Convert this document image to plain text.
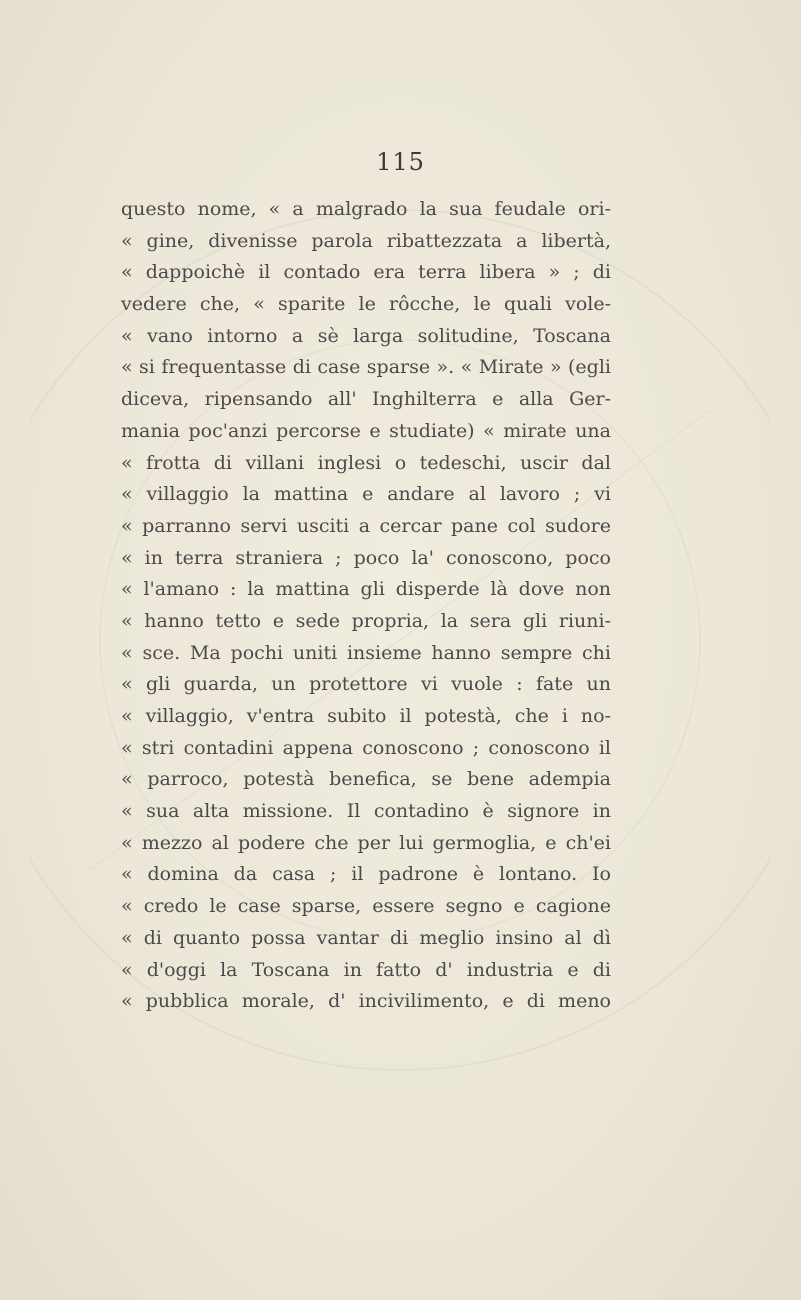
115
questo nome, « a malgrado la sua feudale ori-
« gine, divenisse parola ribattezzata a libertà,
« dappoichè il contado era terra libera » ; di
vedere che, « sparite le rôcche, le quali vole-
« vano intorno a sè larga solitudine, Toscana
« si frequentasse di case sparse ». « Mirate » (egli
diceva, ripensando all' Inghilterra e alla Ger-
mania poc'anzi percorse e studiate) « mirate una
« frotta di villani inglesi o tedeschi, uscir dal
« villaggio la mattina e andare al lavoro ; vi
« parranno servi usciti a cercar pane col sudore
« in terra straniera ; poco la' conoscono, poco
« l'amano : la mattina gli disperde là dove non
« hanno tetto e sede propria, la sera gli riuni-
« sce. Ma pochi uniti insieme hanno sempre chi
« gli guarda, un protettore vi vuole : fate un
« villaggio, v'entra subito il potestà, che i no-
« stri contadini appena conoscono ; conoscono il
« parroco, potestà benefica, se bene adempia
« sua alta missione. Il contadino è signore in
« mezzo al podere che per lui germoglia, e ch'ei
« domina da casa ; il padrone è lontano. Io
« credo le case sparse, essere segno e cagione
« di quanto possa vantar di meglio insino al dì
« d'oggi la Toscana in fatto d' industria e di
« pubblica morale, d' incivilimento, e di meno
